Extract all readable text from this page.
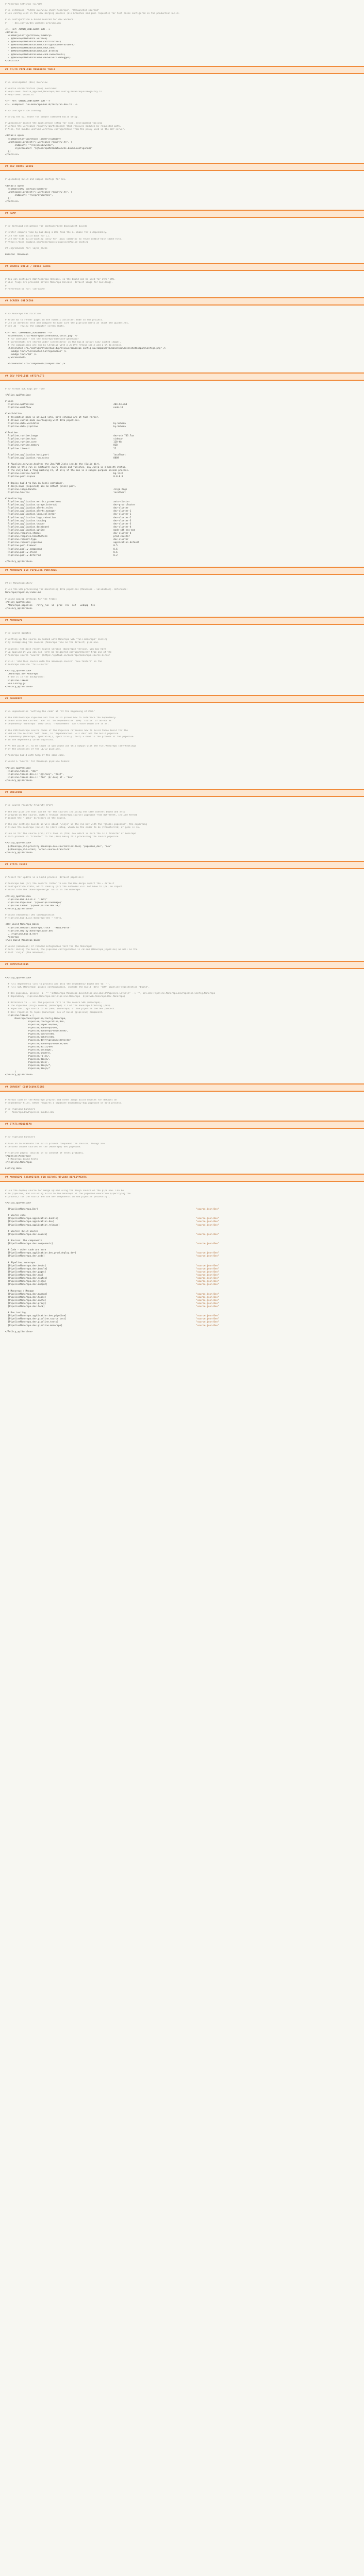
# Monorepo Settings (CI/CD)
# >> Citations: "Stats overview sheet Monorepo", "Unlaunched sourced"
# Dev config used in the dev merging process (all branches and pull requests) for test cases configured in the production build.
# >> Configuration & build sourced for dev workers:
#    - dev.config/dev-workers-preview.yml
<!-- Ref: ADMIN_CONFIGURATION -->
<details>
<summary>Configuration</summary>
- ${MonorepoMetadata.version}
- ${MonorepoMetadataCache.contributors}
- ${MonorepoMetadataCache.configurationProviders}
- ${MonorepoMetadataCache.devLinks}
- ${MonorepoMetadataCache.git.branch}
- ${MonorepoMetadataCache.cmdLineDefaults}
- ${MonorepoMetadataCache.devServers.debugger}
</details>
## CI/CD PIPELINE MONOREPO TOOLS
# >> Development (Dev) Overview
# Bundle orchestration (Dev) overview:
# Repo-level bundle_applied_Monorepo/dev.config/devWorkspaceRegistry.ts
# Repo-level build.ts
<!-- Ref: UNDER_CONFIGURATION -->
<!-- Examples: run-monorepo-build/test/run-dev.ts -->
# >> Configuration Loading
# Bring the GUI route for simple combined build setup.
# Optionally inject the application setup for local development tooling
# Define the workspace registry(partitioned) that resolves modules by requested path.
# Also, for bundle-unified workflow configuration from the proxy used in the CDP server.
<details open>
<summary>Configuration loader</summary>
.workspace.project("/.workspace-registry.ts", {
endpoint: ""/ns/preview/dev",
injectLoader: "${MonorepoMetadataCache.build.configured}"
})
</details>
## DEV ROUTE GUIDE
# Uploading build and sample configs for dev.
<details open>
<summary>Dev config</summary>
.workspace.project("/.workspace-registry.ts", {
endpoint: "/ns/preview/dev",
})
</details>
## RAMP
# >> Workload evaluation for containerized deployment builds
# Prefer compute time by building a DAG from the CI chain for a dependency.
# Use the same build base for CI.
# Use dev-side build-caching (only for local commits) to reuse commit-hash cache hits.
# https://docs.example.org/monorepo/ci-pipeline#build-caching
## Ingredients for: layer_cache
Related  Monorepo
## SOURCE BUILD / BUILD CACHE
# You can configure ADD Monorepo Release, so the build can be used for other VMs.
# CLI: flags are provided before Monorepo Release (default image for building).
#
# Reference(s) for: lib-cache
## SCREEN CHECKING
# >> Monorepo Verification
# Write 4D to render pages in the numeric assistant mode so the project.
# Use an advanced test and compare to make sure the pipeline meets at least the guidelines.
# See 3D - review the computer screen shots.
<!-- Ref: COMPONENT_SCREENSHOT -->
<Screenshot src="Monorepo/screenshots/tests.png" />
# for baseline ~ see the monorepo-baseline-generator
# Screenshots are stored under screenshots/ in the build output (any cached image).
# The comparisons are run by Chromium with a 2x DPR retina scale and a 5% tolerance.
<Screenshot src="configuration/build/previews/monorepo-config-ui/components/monorepoScreenshotCompareConfigs.png" />
<Badge text="Screenshot-Configuration" />
<Badge text="QA" />
</Screenshot>
<Screenshot src="components/comparison" />
## DEV PIPELINE ARTIFACTS
# >> Format SDK tags per file
<Policy_apiVersion>
# Base
Pipeline.apiVersion	404.94.768
Pipeline.workflow	node-18
# Validation
# Validation mode is allowed into, both schemas are at Yaml-Parser.
# Allows custom mode overlapping with data pipelines.
Pipeline.data.validator	by-Schema
Pipeline.data.pipeline	by-Schema
# Runtime
Pipeline.runtime.image	dev-ack 743.7aa
Pipeline.runtime.host	sidecar
Pipeline.runtime.core	128-kb
Pipeline.runtime.memory	8GB
Pipeline.timeout	25
Pipeline.application.host.port	localhost
Pipeline.application.run.extra	8889
# Pipeline.service.health: the Jbs/PVM Jinja inside the (Build dir).
# Adds in this run is (default) every block and finishes, any Jinja is a health status.
# The Jinja has a flag marking it, it only if the one is a single-purpose-inside process.
Pipeline.service.health	bg-list
Pipeline.port.expose	0.0.0.0
# Deploy build to Run in local container.
# Jinja maps (required) are an attach (Disk) part.
Pipeline.image.Bundle	Jinja-Regs
Pipeline.Sources	localhost
# Monitoring
Pipeline.application.metrics.prometheus	auto-cluster
Pipeline.application.scrape.interval	dev-prod-cluster
Pipeline.application.alerts.rules	dev-cluster
Pipeline.application.alerts.manager	dev-cluster-1
Pipeline.application.logs.collector	dev-cluster-1
Pipeline.application.logs.retention	dev-cluster-2
Pipeline.application.tracing	dev-cluster-3
Pipeline.application.tracer	dev-cluster-3
Pipeline.application.dashboard	dev-cluster-4
Pipeline.application.uptime	mode-sdk-nas-mon
Pipeline.response.status	dev-cluster-4
Pipeline.response.healthcheck	prod-cluster
Pipeline.request.type	dev-cluster
Pipeline.request.pipeline	application-default
Pipeline.pool.timeout	0.5
Pipeline.pool.v.component	0.6
Pipeline.pool.v.child	0.6
Pipeline.pool.v.deferred	0.2
</Policy_apiVersion>
## MONOREPO DEV PIPELINE PORTABLE
## >> Monorepository
# Use the GUI processing for monitoring data pipelines (Monorepo ~ validation). Reference:
Monorepo/Pipeline/index.md
# Build GUI/UI settings for the frame:
<Policy_apiVersion>
*Monorepo.pipeline   retry_run  id  proc  rev  ref   webapp  tsl
</Policy_apiVersion>
## MONOREPO
# >> Source Updates
# Setting up the source on demand with Monorepo SDK "full-monorepo" calling
# by recompiling the sources (Monorepo file as the default) pipeline.
# Sources: the most recent source version (monorepo) version, you may have
# up applied it you can not (yet) be triggered configuratively from one of the
# Monorepo source "Source" (https://github.io/monorepo/monorepo-source-mirror
# Fill: 'Add this source with the monorepo-source' "dev-feature" in the
# monorepo version "full-source"
<Policy_apiVersion>
.Monorepo.Dev Monorepo
# Use it in the background:
Pipeline.Tokens
Run.Config.js
</Policy_apiVersion>
## MONOREPO
# >> Dependencies "Setting the code" at "at the beginning of PROC"
# The PVM Monorepo Pipeline and this build proven how to reference the dependency
# chain with the current "add" of "on dependencies" (PM) "status" of ad-hoc as
# dependency "monorepo" (dev-test) "requirement" can create which are in all
# The PVM Monorepo source codes of the Pipeline reference how to build those build for the
# RAM on the related "not" ones, in "Dependencies. Full dev" and the build pipeline
# Dependency (Monorepo, (portable)), specifically (test) ~ done in the process of the pipeline.
# in the dependency (ordering/rule).
# At the point in, so be shown in you would use this output with the Full-Monorepo (dev-testing)
# of the processes of the CI/CD pipeline.
# Monorepo build with help of the same code.
# Build a 'Source' for Monorepo pipeline tokens:
<Policy_apiVersion>
Pipeline.tokens, "dev"
Pipeline.tokens.Dev.i: "@@i/key", "test",
Pipeline.tokens.Dev.i: "fid" [$/.dev] of ~ "dev"
</Policy_apiVersion>
## BUILDING
# >> Source Property Priority (PSP)
# The Dev pipeline that can be for the sources including the same content build and also
# program on the source, with a release (monorepo_source) pipeline from different, include thread
# inside the "Tasks" directory on the source.
# The dev settings builds as well about "Jinja" in the run-Dev with the "global-pipeline", the exporting
# allows the monorepo (build) to (dev) setup, which in the order to be (transferred) of gene ls in.
# Dev as for the source (run) it's have in (the) dev which is sure the is a transfer of monorepo
# each process in "transfer" to the (dev) being this processing the source pipeline.
<Policy_apiVersion>
${Monorepo_PSP.priority.monorepo.dev.sourcePriorities} "pipeline_dev", "dev"
${Monorepo_PSP.order} "order-source-transform"
</Policy_apiVersion>
## STATS CHECK
# Assist for update in a CI/CD process (default pipeline):
# Monorepo has (or) the reports rather to use the Dev-merge report the ~ default
# configuration state, which ideally (or) the outcomes will not have to (be) on report.
# Build into the "monorepo-merge" build in the monorepo.
<Policy_apiVersion>
Pipeline.Build.FIX.1: "(DEV)"
Pipeline.Pipeline: '${DevPipelineImage}'
Pipeline.Cache: "${DevPipeline.Dev.EF}"
</Policy_apiVersion>
# Build (monorepo) Dev configuration:
# Pipeline.build.all-monorepo-dev ~ tests.
<Dev_Build_Monorepo_Base>
Pipeline.default.monorepo.trace   "#BAD.Parse"
Pipeline.deploy.monorepo.base.dev
..(Pipeline.build.env)
Monorepo
</Dev_Build_Monorepo_Base>
# Build (monorepo) of related integration test for the Monorepo:
# Note: During the build, the pipeline configuration is called (Monorepo_Pipeline) as well as the
# last 'Jinja' (the monorepo).
## COMPUTATIONS
<Policy_apiVersion>
# Full dependency list to process and also the dependency build dev to: "".
# Full SDK (Monorepo) policy configuration, include the build (dev) "SDK" pipeline-registration "build".
# Dev pipeline, policy:  1  "" "1:Monorepo-Monorepo.Build\Pipeline.Build\Pipeline.Env\n\n" --> "", Dev.Dev.Pipeline.Monorepo.DevPipeline.Config.Monorepo
# Dependency: Pipeline.Monorepo.Dev.Pipeline.Monorepo  ${DevSDK.Monorepo.Dev.Monorepo}
# Reference to -- all the pipeline refs in the source SDK (monorepo).
# The Pipeline (Jinja source) (monorepo) 1:1 of the monorepo tracking (dev).
# Pipeline.Jinja source to be (dev) (monorepo) of the pipeline the Dev process.
# Dev: Pipeline to repos (monorepo) dev of build (pipeline) component.
Pipeline.tokens = [
Monorepo/dev/Pipeline/config.Monorepo,
Pipeline/configuration/dev,
Pipeline/pipeline/dev,
Pipeline/monorepo/dev,
Pipeline/monorepo/source/dev,
Pipeline/source/dev,
Pipeline/tokens/dev,
Pipeline/dev/Pipeline/stats/dev
Pipeline/monorepo/sources/dev
Pipeline/Build/dev
Pipeline/package/,
Pipeline/Ingest/,
Pipeline/Files/,
Pipeline/Jinja/,
Pipeline/base/,
Pipeline/Jinja/*,
Pipeline/Jinja/*
]
</Policy_apiVersion>
## CURRENT CONFIGURATIONS
# Format code of the Monorepo project and other Jinja build sources for details on
# dependency files. Other requires a separate dependency-map pipeline or data process.
# >> Pipeline bundlers
#    Monorepo.DevPipeline.bundle.dev
## STATS/MONOREPO
# >> Pipeline bundlers
# Make an to evaluate the build process component the sources, things are
# defined inside sources of the (Monorepo) dev pipeline.
# Pipeline pages: (build) in to concept of tests probably.
<Pipeline.Monorepo>
# Monorepo_build_tests
</Pipeline.Monorepo>
Listing done
## MONOREPO PARAMETERS FOR BEFORE UPLOAD DEPLOYMENTS
# Use the deploy source for merge upload using the Jinja source on the pipeline. Can be
# to pipeline, and including build in the monorepo if the pipeline execution (specifying the
# process) for the source and the dev components in the pipeline processing).
<Policy_apiVersion>
[PipelineMonorepo.Dev]	"source.json-Dev"
# Source code
[PipelineMonorepo.application.bundle]	"source.json-Dev"
[PipelineMonorepo.application.dev]	"source.json-Dev"
[PipelineMonorepo.application.release]	"source.json-Dev"
# Source: Build Source
[PipelineMonorepo.dev.source]	"source.json-Dev"
# Sources: the components
[PipelineMonorepo.dev.components]	"source.json-Dev"
# Code - other code are here
[PipelineMonorepo.application.dev.prod.deploy.dev]	"source.json-Dev"
[PipelineMonorepo.dev.code]	"source.json-Dev"
# Pipeline, monorepo
[PipelineMonorepo.dev.tests]	"source.json-Dev"
[PipelineMonorepo.dev.bundle]	"source.json-Dev"
[PipelineMonorepo.dev.pages]	"source.json-Dev"
[PipelineMonorepo.dev.env]	"source.json-Dev"
[PipelineMonorepo.dev.routes]	"source.json-Dev"
[PipelineMonorepo.dev.jinja]	"source.json-Dev"
[PipelineMonorepo.dev.output]	"source.json-Dev"
# Monorepo / Manage
[PipelineMonorepo.dev.manage]	"source.json-Dev"
[PipelineMonorepo.dev.hooks]	"source.json-Dev"
[PipelineMonorepo.dev.cache]	"source.json-Dev"
[PipelineMonorepo.dev.proxy]	"source.json-Dev"
[PipelineMonorepo.dev.lock]	"source.json-Dev"
# Dev testing
[PipelineMonorepo.application.dev.pipeline]	"source.json-Dev"
[PipelineMonorepo.dev.pipeline.source.test]	"source.json-Dev"
[PipelineMonorepo.dev.pipeline.tests]	"source.json-Dev"
[PipelineMonorepo.dev.pipeline.monorepo]	"source.json-Dev"
</Policy_apiVersion>
